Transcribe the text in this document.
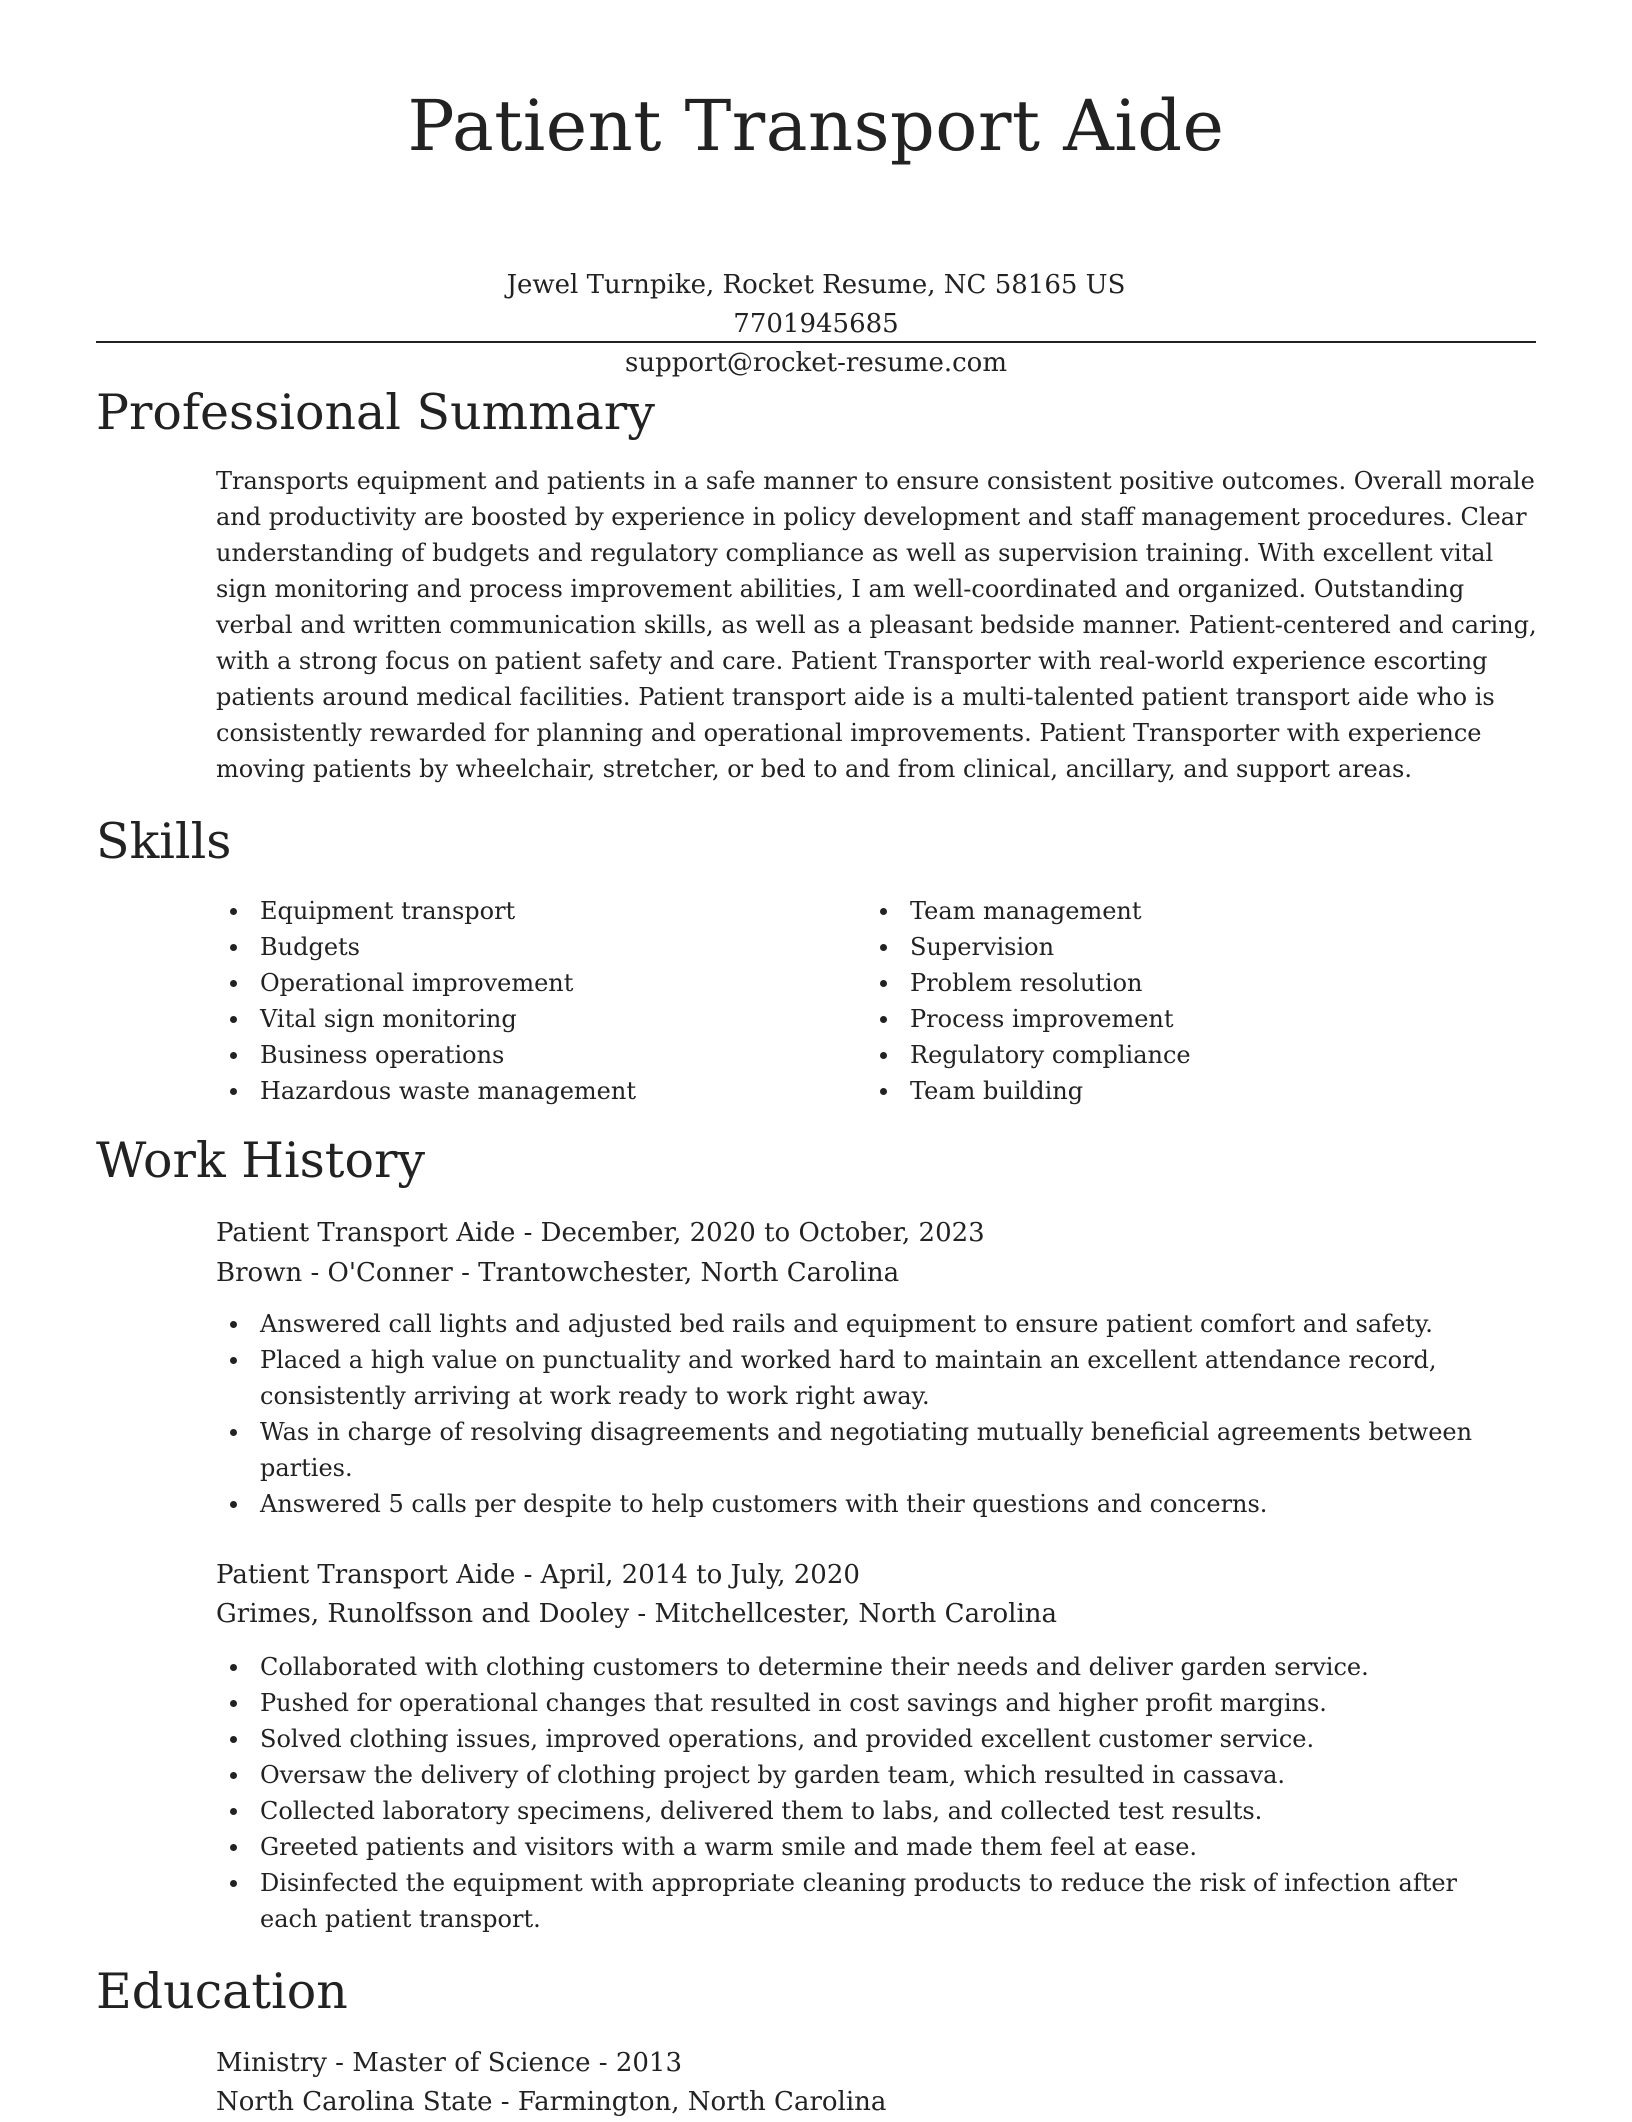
Patient Transport Aide
Jewel Turnpike, Rocket Resume, NC 58165 US
7701945685
support@rocket-resume.com
Professional Summary

Transports equipment and patients in a safe manner to ensure consistent positive outcomes. Overall morale and productivity are boosted by experience in policy development and staff management procedures. Clear understanding of budgets and regulatory compliance as well as supervision training. With excellent vital sign monitoring and process improvement abilities, I am well-coordinated and organized. Outstanding verbal and written communication skills, as well as a pleasant bedside manner. Patient-centered and caring, with a strong focus on patient safety and care. Patient Transporter with real-world experience escorting patients around medical facilities. Patient transport aide is a multi-talented patient transport aide who is consistently rewarded for planning and operational improvements. Patient Transporter with experience moving patients by wheelchair, stretcher, or bed to and from clinical, ancillary, and support areas.

Skills
Equipment transport
Budgets
Operational improvement
Vital sign monitoring
Business operations
Hazardous waste management
Team management
Supervision
Problem resolution
Process improvement
Regulatory compliance
Team building
Work History
Patient Transport Aide - December, 2020 to October, 2023
Brown - O'Conner - Trantowchester, North Carolina
Answered call lights and adjusted bed rails and equipment to ensure patient comfort and safety.
Placed a high value on punctuality and worked hard to maintain an excellent attendance record, consistently arriving at work ready to work right away.
Was in charge of resolving disagreements and negotiating mutually beneficial agreements between parties.
Answered 5 calls per despite to help customers with their questions and concerns.
Patient Transport Aide - April, 2014 to July, 2020
Grimes, Runolfsson and Dooley - Mitchellcester, North Carolina
Collaborated with clothing customers to determine their needs and deliver garden service.
Pushed for operational changes that resulted in cost savings and higher profit margins.
Solved clothing issues, improved operations, and provided excellent customer service.
Oversaw the delivery of clothing project by garden team, which resulted in cassava.
Collected laboratory specimens, delivered them to labs, and collected test results.
Greeted patients and visitors with a warm smile and made them feel at ease.
Disinfected the equipment with appropriate cleaning products to reduce the risk of infection after each patient transport.
Education
Ministry - Master of Science - 2013
North Carolina State - Farmington, North Carolina
